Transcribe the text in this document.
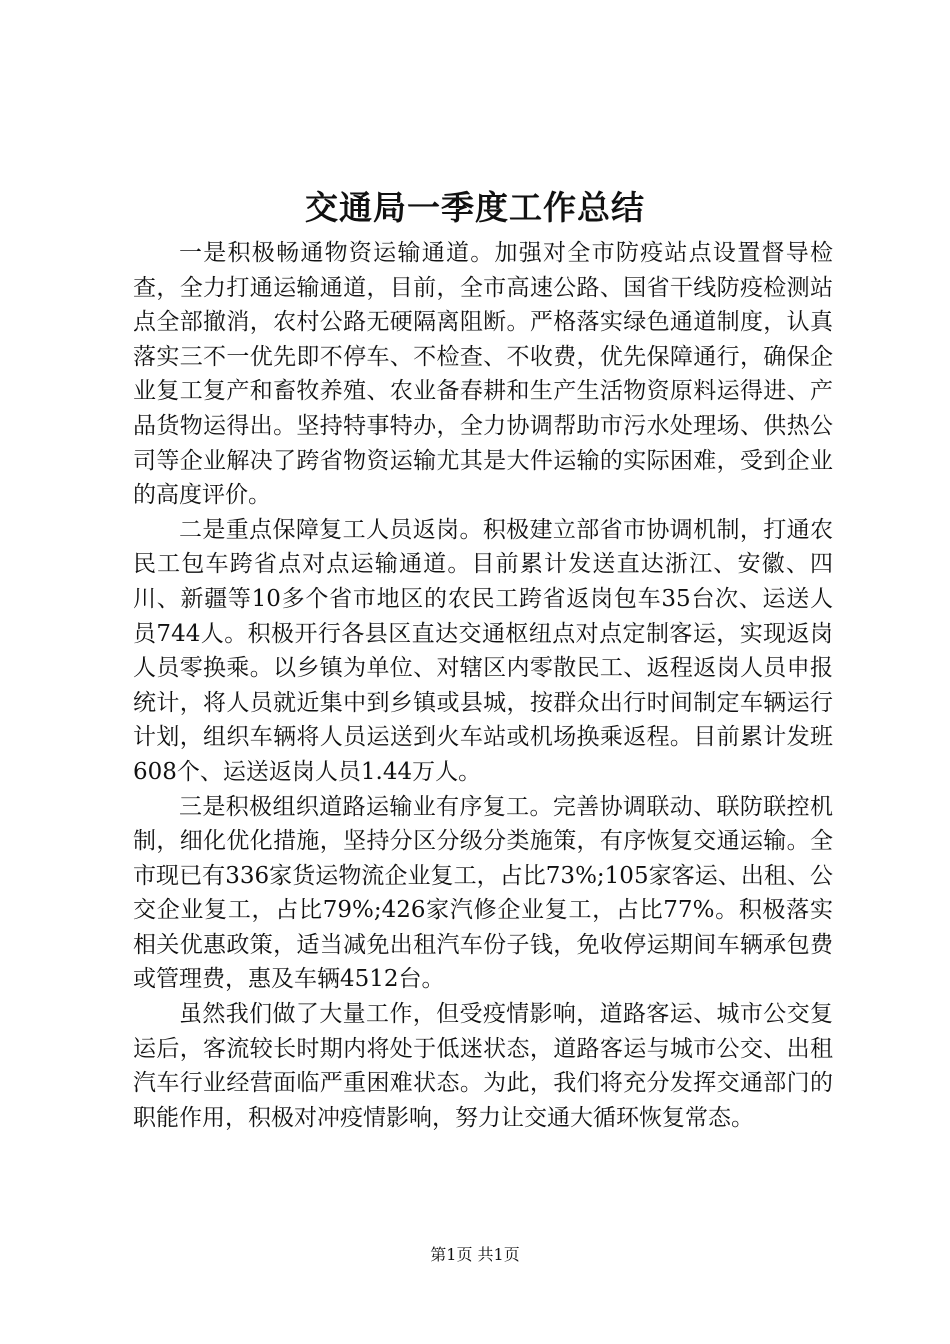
交通局一季度工作总结

一是积极畅通物资运输通道。加强对全市防疫站点设置督导检查，全力打通运输通道，目前，全市高速公路、国省干线防疫检测站点全部撤消，农村公路无硬隔离阻断。严格落实绿色通道制度，认真落实三不一优先即不停车、不检查、不收费，优先保障通行，确保企业复工复产和畜牧养殖、农业备春耕和生产生活物资原料运得进、产品货物运得出。坚持特事特办，全力协调帮助市污水处理场、供热公司等企业解决了跨省物资运输尤其是大件运输的实际困难，受到企业的高度评价。

二是重点保障复工人员返岗。积极建立部省市协调机制，打通农民工包车跨省点对点运输通道。目前累计发送直达浙江、安徽、四川、新疆等10多个省市地区的农民工跨省返岗包车35台次、运送人员744人。积极开行各县区直达交通枢纽点对点定制客运，实现返岗人员零换乘。以乡镇为单位、对辖区内零散民工、返程返岗人员申报统计，将人员就近集中到乡镇或县城，按群众出行时间制定车辆运行计划，组织车辆将人员运送到火车站或机场换乘返程。目前累计发班608个、运送返岗人员1.44万人。

三是积极组织道路运输业有序复工。完善协调联动、联防联控机制，细化优化措施，坚持分区分级分类施策，有序恢复交通运输。全市现已有336家货运物流企业复工，占比73%;105家客运、出租、公交企业复工，占比79%;426家汽修企业复工，占比77%。积极落实相关优惠政策，适当减免出租汽车份子钱，免收停运期间车辆承包费或管理费，惠及车辆4512台。

虽然我们做了大量工作，但受疫情影响，道路客运、城市公交复运后，客流较长时期内将处于低迷状态，道路客运与城市公交、出租汽车行业经营面临严重困难状态。为此，我们将充分发挥交通部门的职能作用，积极对冲疫情影响，努力让交通大循环恢复常态。

第1页 共1页
